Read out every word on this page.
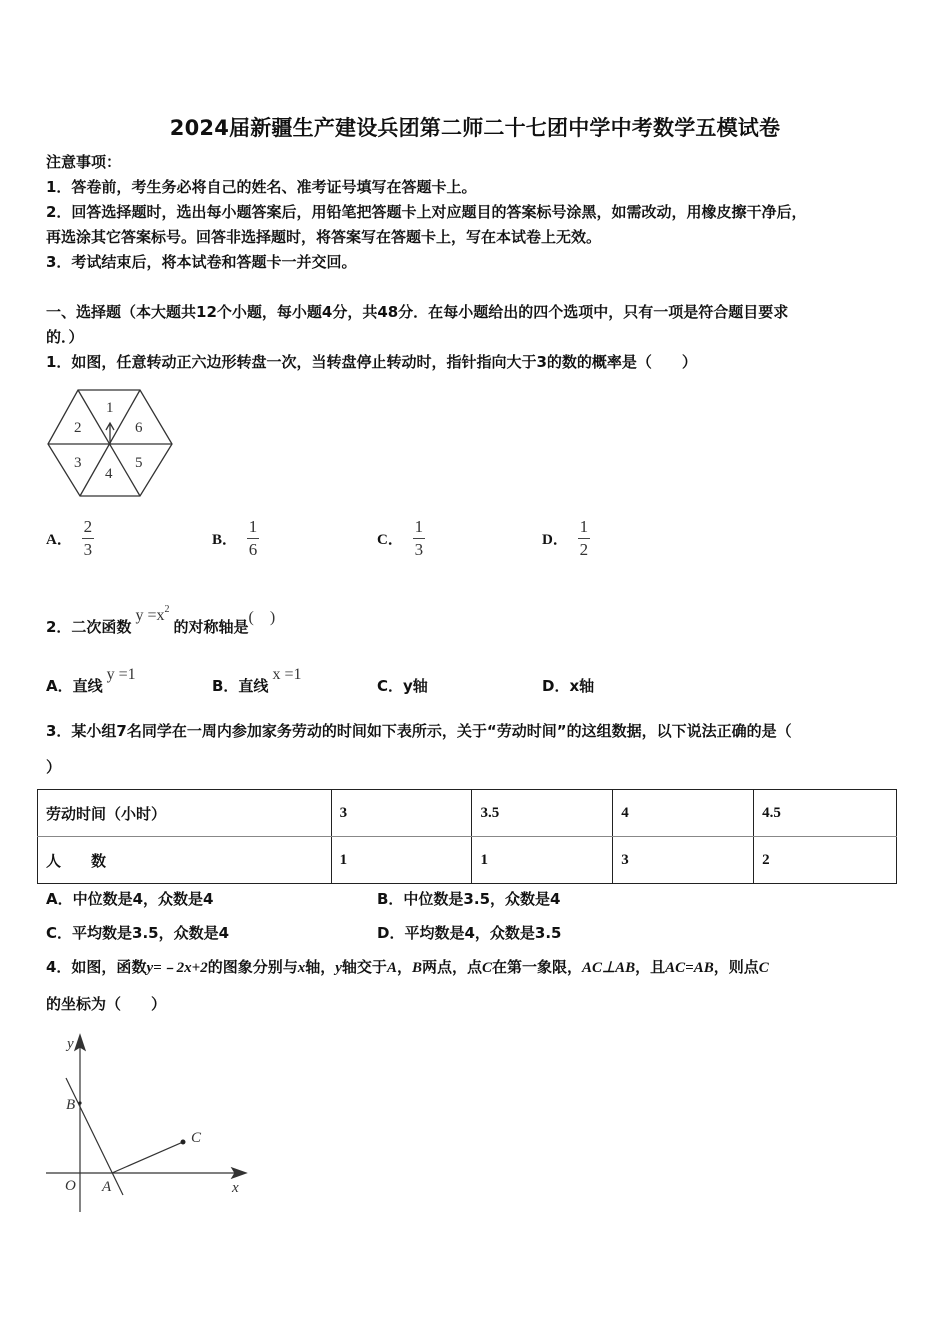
2024届新疆生产建设兵团第二师二十七团中学中考数学五模试卷
注意事项：
1．答卷前，考生务必将自己的姓名、准考证号填写在答题卡上。
2．回答选择题时，选出每小题答案后，用铅笔把答题卡上对应题目的答案标号涂黑，如需改动，用橡皮擦干净后，
再选涂其它答案标号。回答非选择题时，将答案写在答题卡上，写在本试卷上无效。
3．考试结束后，将本试卷和答题卡一并交回。
一、选择题（本大题共12个小题，每小题4分，共48分．在每小题给出的四个选项中，只有一项是符合题目要求
的．）
1．如图，任意转动正六边形转盘一次，当转盘停止转动时，指针指向大于3的数的概率是（　　）
1
6
5
4
3
2
A． $\frac{2}{3}$	B． $\frac{1}{6}$	C． $\frac{1}{3}$	D． $\frac{1}{2}$
2．二次函数$y =x^2$的对称轴是(　)
A．直线y =1
B．直线x =1
C．y轴	D．x轴
3．某小组7名同学在一周内参加家务劳动的时间如下表所示，关于“劳动时间”的这组数据，以下说法正确的是（
）
劳动时间（小时）	3	3.5	4	4.5
人　　数	1	1	3	2
A．中位数是4，众数是4	B．中位数是3.5，众数是4
C．平均数是3.5，众数是4	D．平均数是4，众数是3.5
4．如图，函数y=﹣2x+2的图象分别与x轴，y轴交于A，B两点，点C在第一象限，AC⊥AB，且AC=AB，则点C
的坐标为（　　）
y
x
O A
B
C
